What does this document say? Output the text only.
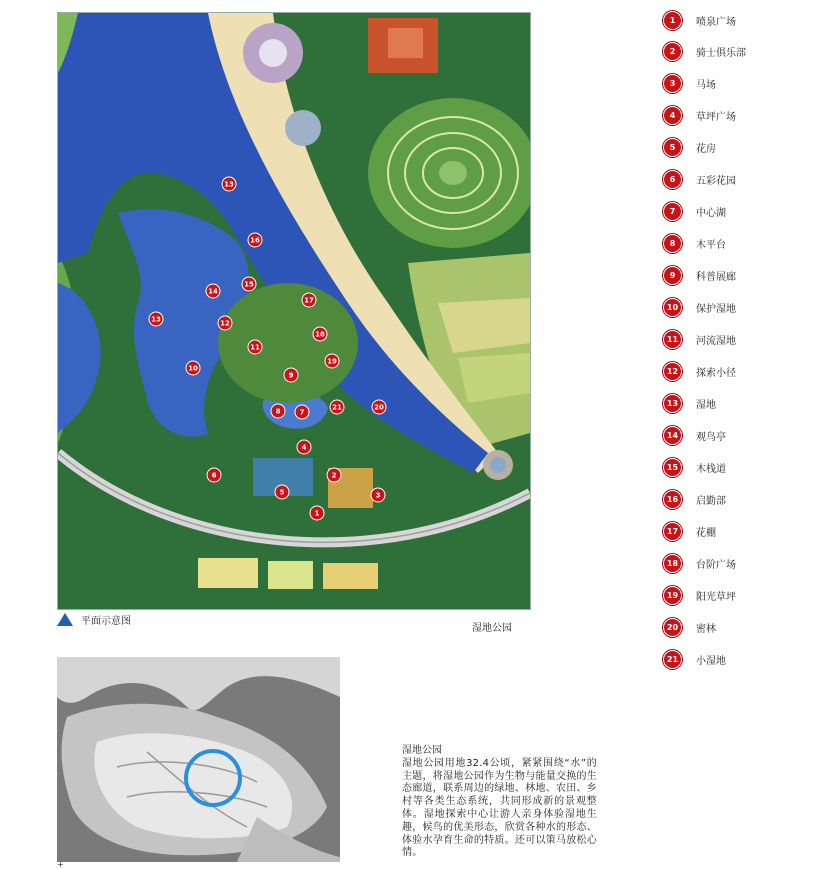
1
2
3
4
5
6
7
8
9
10
11
12
14
15
16
17
18
19
20
21
13
13
平面示意图
湿地公园
1	喷泉广场
2	骑士俱乐部
3	马场
4	草坪广场
5	花房
6	五彩花园
7	中心湖
8	木平台
9	科普展廊
10	保护湿地
11	河流湿地
12	探索小径
13	湿地
14	观鸟亭
15	木栈道
16	启勤部
17	花棚
18	台阶广场
19	阳光草坪
20	密林
21	小湿地
湿地公园
湿地公园用地32.4公顷，紧紧围绕“水”的主题，将湿地公园作为生物与能量交换的生态廊道，联系周边的绿地、林地、农田、乡村等各类生态系统，共同形成新的景观整体。湿地探索中心让游人亲身体验湿地生趣，候鸟的优美形态，欣赏各种水的形态、体验水孕育生命的特质。还可以策马放松心情。
+
